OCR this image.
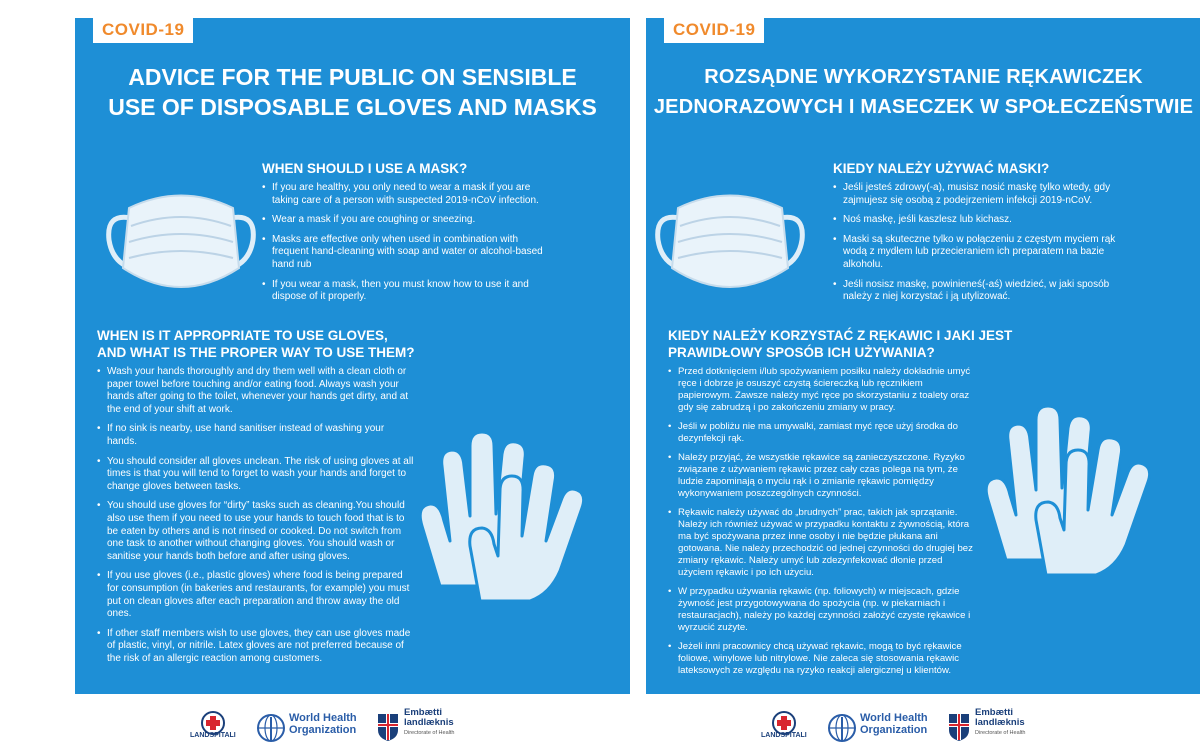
COVID-19
ADVICE FOR THE PUBLIC ON SENSIBLE
USE OF DISPOSABLE GLOVES AND MASKS
WHEN SHOULD I USE A MASK?
• If you are healthy, you only need to wear a mask if you are taking care of a person with suspected 2019-nCoV infection.
• Wear a mask if you are coughing or sneezing.
• Masks are effective only when used in combination with frequent hand-cleaning with soap and water or alcohol-based hand rub
• If you wear a mask, then you must know how to use it and dispose of it properly.
WHEN IS IT APPROPRIATE TO USE GLOVES,
AND WHAT IS THE PROPER WAY TO USE THEM?
• Wash your hands thoroughly and dry them well with a clean cloth or paper towel before touching and/or eating food. Always wash your hands after going to the toilet, whenever your hands get dirty, and at the end of your shift at work.
• If no sink is nearby, use hand sanitiser instead of washing your hands.
• You should consider all gloves unclean. The risk of using gloves at all times is that you will tend to forget to wash your hands and forget to change gloves between tasks.
• You should use gloves for “dirty” tasks such as cleaning.You should also use them if you need to use your hands to touch food that is to be eaten by others and is not rinsed or cooked. Do not switch from one task to another without changing gloves. You should wash or sanitise your hands both before and after using gloves.
• If you use gloves (i.e., plastic gloves) where food is being prepared for consumption (in bakeries and restaurants, for example) you must put on clean gloves after each preparation and throw away the old ones.
• If other staff members wish to use gloves, they can use gloves made of plastic, vinyl, or nitrile. Latex gloves are not preferred because of the risk of an allergic reaction among customers.
COVID-19
ROZSĄDNE WYKORZYSTANIE RĘKAWICZEK
JEDNORAZOWYCH I MASECZEK W SPOŁECZEŃSTWIE
KIEDY NALEŻY UŻYWAĆ MASKI?
• Jeśli jesteś zdrowy(-a), musisz nosić maskę tylko wtedy, gdy zajmujesz się osobą z podejrzeniem infekcji 2019-nCoV.
• Noś maskę, jeśli kaszlesz lub kichasz.
• Maski są skuteczne tylko w połączeniu z częstym myciem rąk wodą z mydłem lub przecieraniem ich preparatem na bazie alkoholu.
• Jeśli nosisz maskę, powinieneś(-aś) wiedzieć, w jaki sposób należy z niej korzystać i ją utylizować.
KIEDY NALEŻY KORZYSTAĆ Z RĘKAWIC I JAKI JEST
PRAWIDŁOWY SPOSÓB ICH UŻYWANIA?
• Przed dotknięciem i/lub spożywaniem posiłku należy dokładnie umyć ręce i dobrze je osuszyć czystą ściereczką lub ręcznikiem papierowym. Zawsze należy myć ręce po skorzystaniu z toalety oraz gdy się zabrudzą i po zakończeniu zmiany w pracy.
• Jeśli w pobliżu nie ma umywalki, zamiast myć ręce użyj środka do dezynfekcji rąk.
• Należy przyjąć, że wszystkie rękawice są zanieczyszczone. Ryzyko związane z używaniem rękawic przez cały czas polega na tym, że ludzie zapominają o myciu rąk i o zmianie rękawic pomiędzy wykonywaniem poszczególnych czynności.
• Rękawic należy używać do „brudnych” prac, takich jak sprzątanie. Należy ich również używać w przypadku kontaktu z żywnością, która ma być spożywana przez inne osoby i nie będzie płukana ani gotowana. Nie należy przechodzić od jednej czynności do drugiej bez zmiany rękawic. Należy umyć lub zdezynfekować dłonie przed użyciem rękawic i po ich użyciu.
• W przypadku używania rękawic (np. foliowych) w miejscach, gdzie żywność jest przygotowywana do spożycia (np. w piekarniach i restauracjach), należy po każdej czynności założyć czyste rękawice i wyrzucić zużyte.
• Jeżeli inni pracownicy chcą używać rękawic, mogą to być rękawice foliowe, winylowe lub nitrylowe. Nie zaleca się stosowania rękawic lateksowych ze względu na ryzyko reakcji alergicznej u klientów.
LANDSPÍTALI
World Health
Organization
Embætti
landlæknis
Directorate of Health	LANDSPÍTALI
World Health
Organization
Embætti
landlæknis
Directorate of Health
